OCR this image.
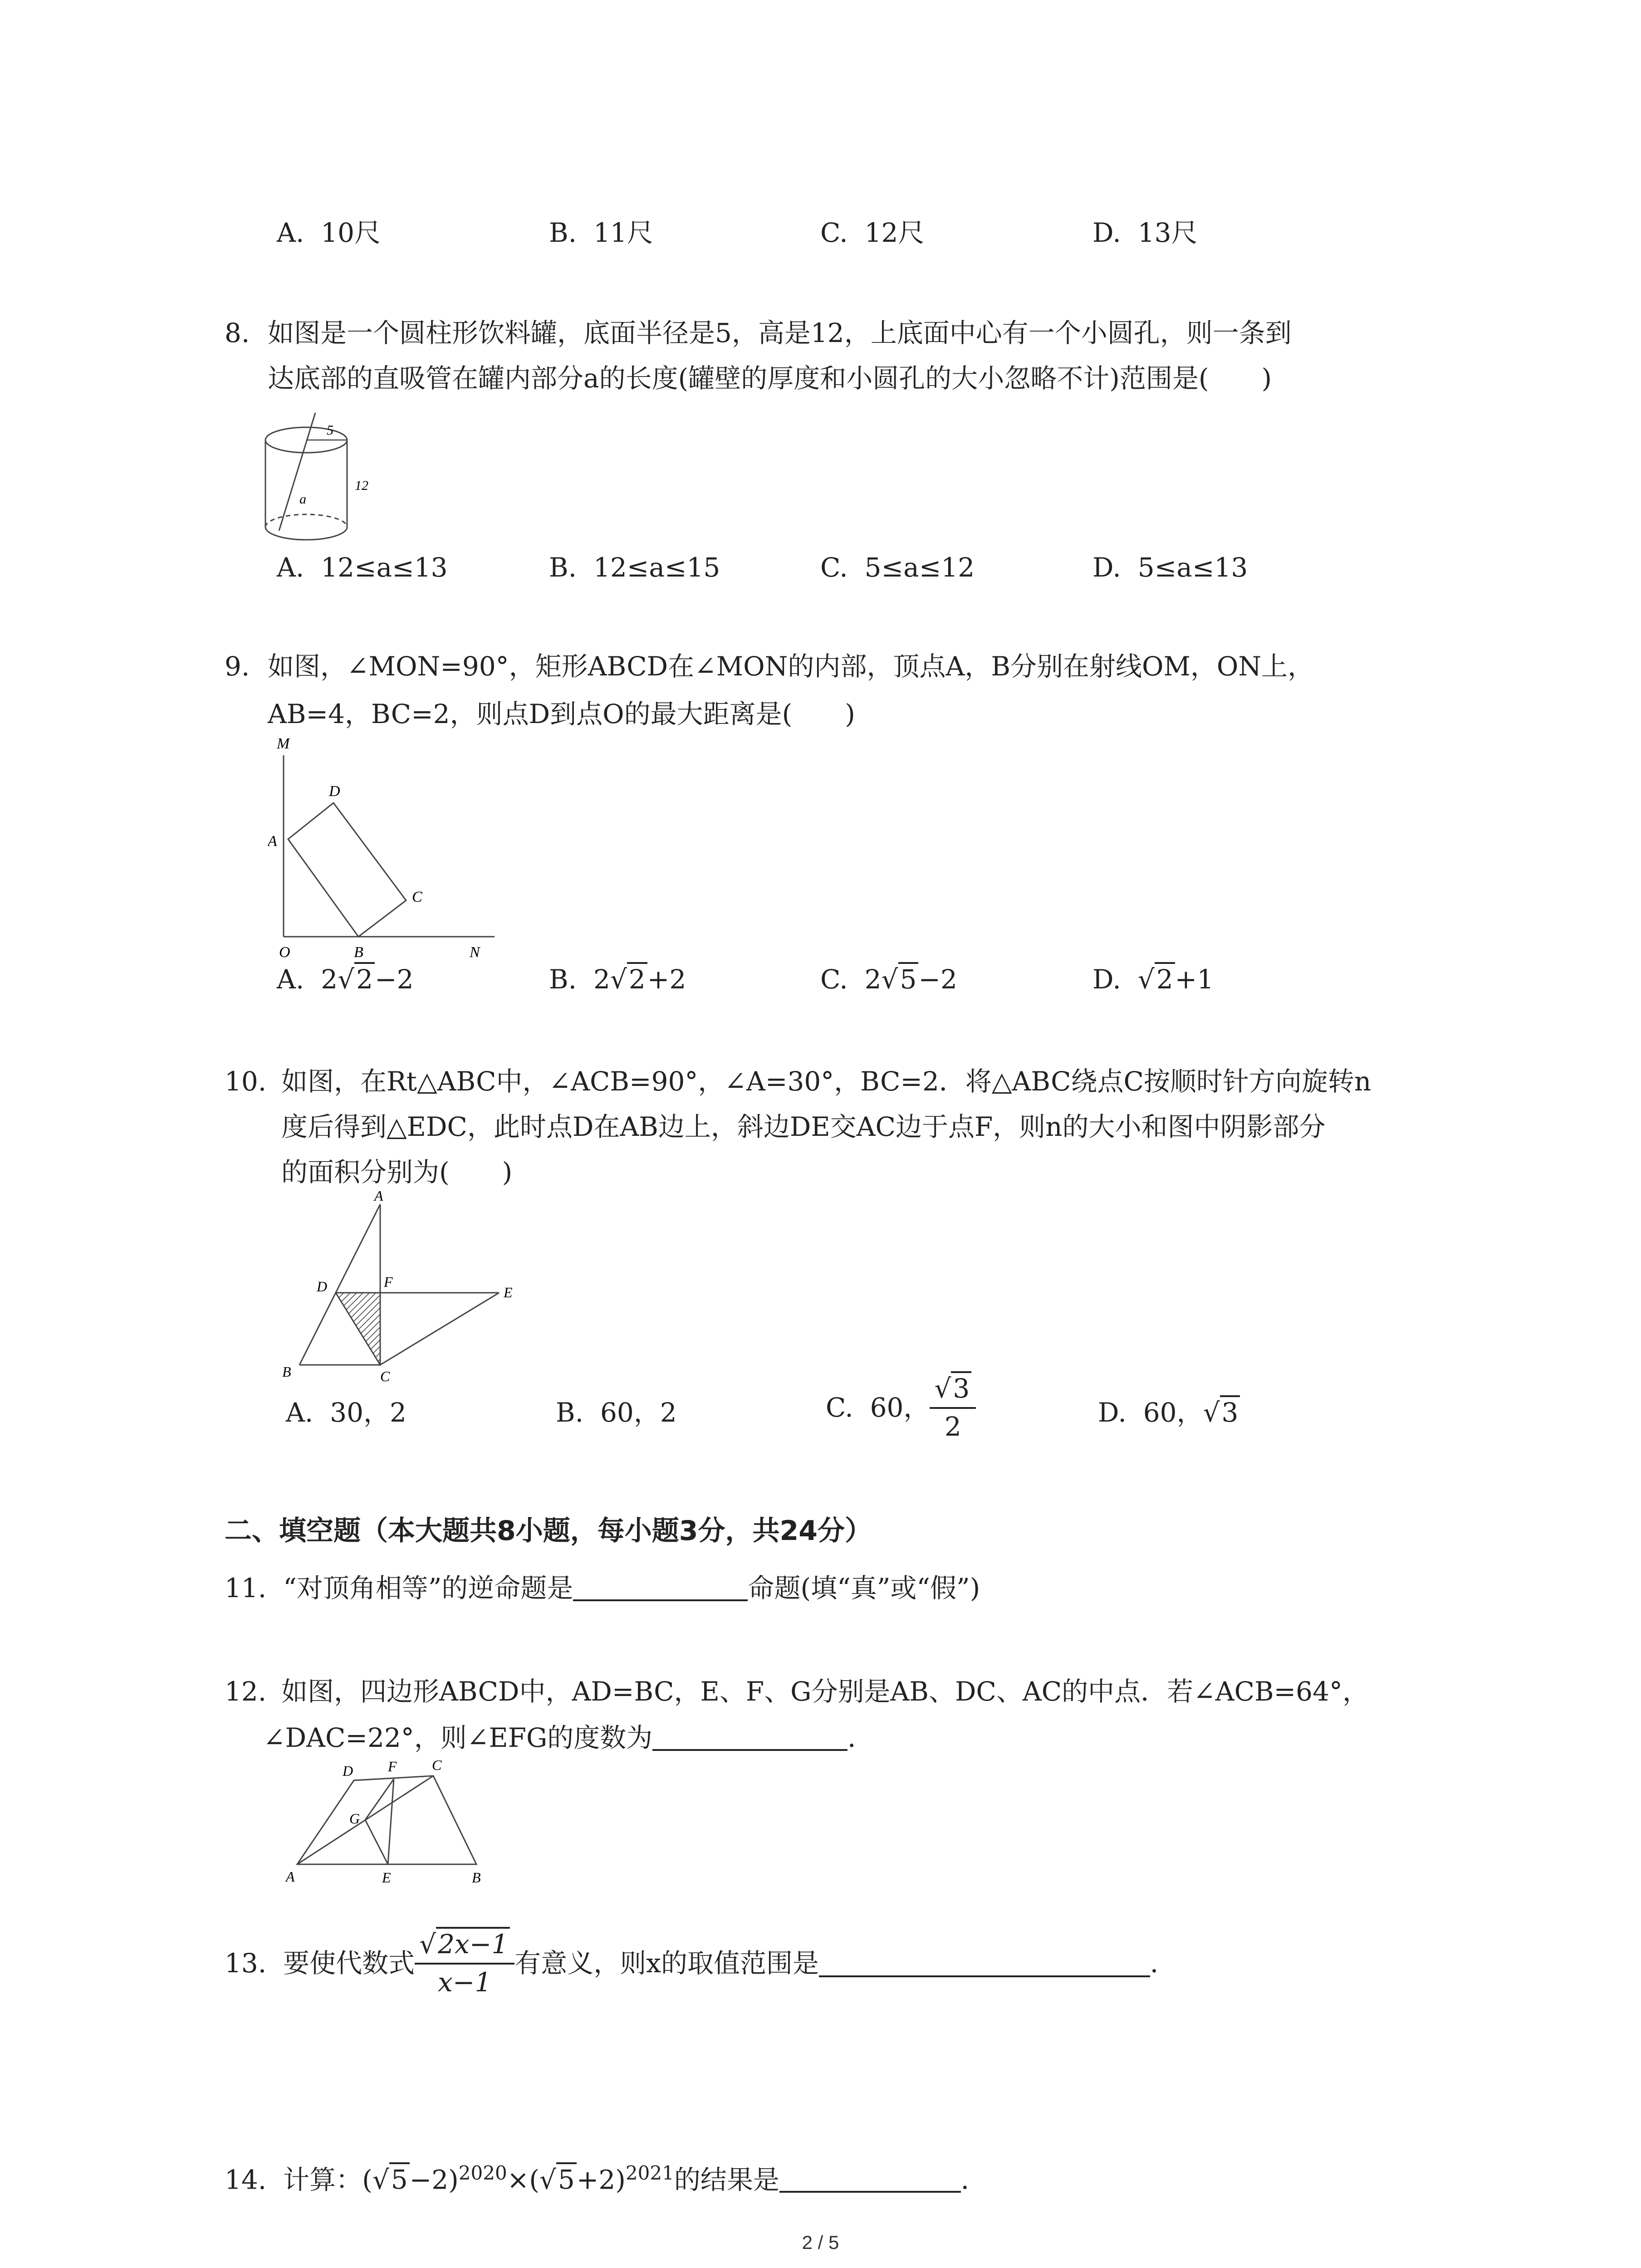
A. 10尺	B. 11尺	C. 12尺	D. 13尺
8. 如图是一个圆柱形饮料罐，底面半径是5，高是12，上底面中心有一个小圆孔，则一条到
达底部的直吸管在罐内部分a的长度(罐壁的厚度和小圆孔的大小忽略不计)范围是(　　)
5
12
a
A. 12≤a≤13	B. 12≤a≤15	C. 5≤a≤12	D. 5≤a≤13
9. 如图，∠MON=90°，矩形ABCD在∠MON的内部，顶点A，B分别在射线OM，ON上，
AB=4，BC=2，则点D到点O的最大距离是(　　)
M
D
A
C
O	B	N
A. 2√2−2	B. 2√2+2	C. 2√5−2	D. √2+1
10. 如图，在Rt△ABC中，∠ACB=90°，∠A=30°，BC=2．将△ABC绕点C按顺时针方向旋转n
度后得到△EDC，此时点D在AB边上，斜边DE交AC边于点F，则n的大小和图中阴影部分
的面积分别为(　　)
A
D	F
E
B	C
A. 30，2	B. 60，2	C. 60， $\frac{√3}{2}$	D. 60，√3
二、填空题（本大题共8小题，每小题3分，共24分）
11. “对顶角相等”的逆命题是	命题(填“真”或“假”)
12. 如图，四边形ABCD中，AD=BC，E、F、G分别是AB、DC、AC的中点．若∠ACB=64°，
∠DAC=22°，则∠EFG的度数为	．
D F C
G
A	E	B
13. 要使代数式 $\frac{√2x-1}{x-1}$ 有意义，则x的取值范围是	．
14. 计算：$(√5-2)^{2020}\times(√5+2)^{2021}$的结果是	．
2 / 5
